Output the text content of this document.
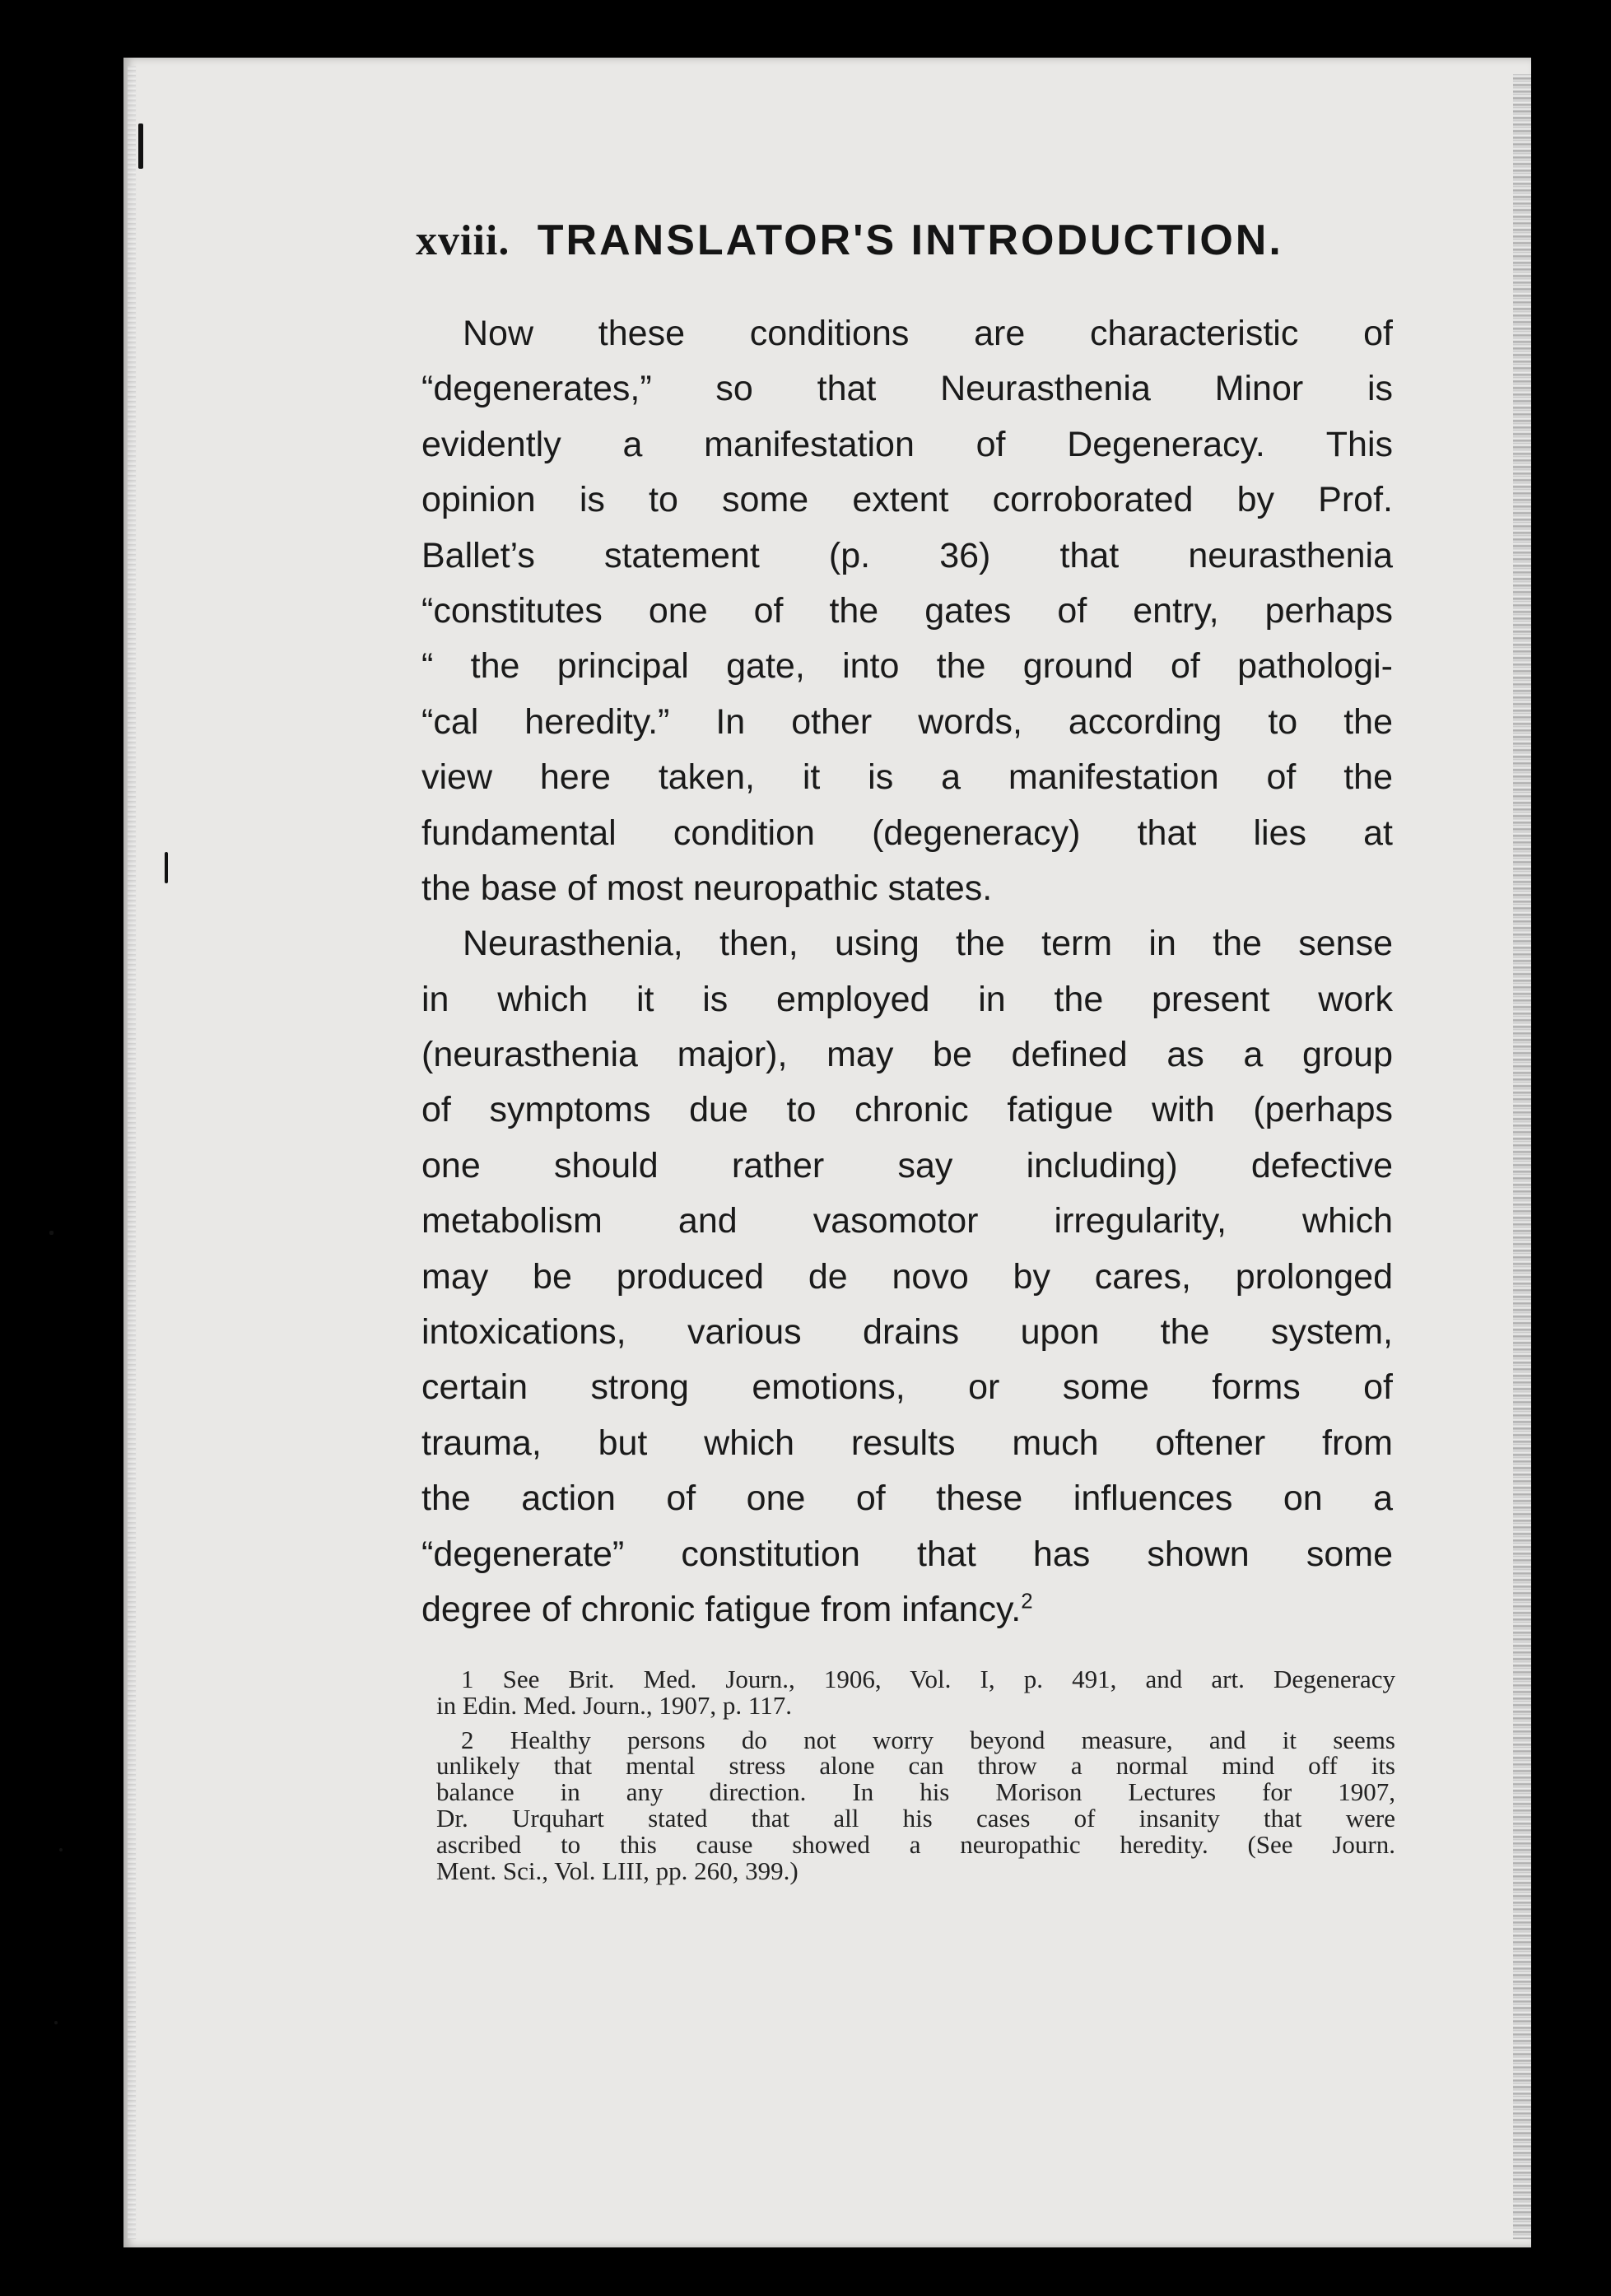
xviii. TRANSLATOR'S INTRODUCTION.
Now these conditions are characteristic of
“degenerates,” so that Neurasthenia Minor is
evidently a manifestation of Degeneracy. This
opinion is to some extent corroborated by Prof.
Ballet’s statement (p. 36) that neurasthenia
“constitutes one of the gates of entry, perhaps
“ the principal gate, into the ground of pathologi-
“cal heredity.” In other words, according to the
view here taken, it is a manifestation of the
fundamental condition (degeneracy) that lies at
the base of most neuropathic states.
Neurasthenia, then, using the term in the sense
in which it is employed in the present work
(neurasthenia major), may be defined as a group
of symptoms due to chronic fatigue with (perhaps
one should rather say including) defective
metabolism and vasomotor irregularity, which
may be produced de novo by cares, prolonged
intoxications, various drains upon the system,
certain strong emotions, or some forms of
trauma, but which results much oftener from
the action of one of these influences on a
“degenerate” constitution that has shown some
degree of chronic fatigue from infancy.$^2$
1 See Brit. Med. Journ., 1906, Vol. I, p. 491, and art. Degeneracy
in Edin. Med. Journ., 1907, p. 117.
2 Healthy persons do not worry beyond measure, and it seems
unlikely that mental stress alone can throw a normal mind off its
balance in any direction. In his Morison Lectures for 1907,
Dr. Urquhart stated that all his cases of insanity that were
ascribed to this cause showed a neuropathic heredity. (See Journ.
Ment. Sci., Vol. LIII, pp. 260, 399.)
